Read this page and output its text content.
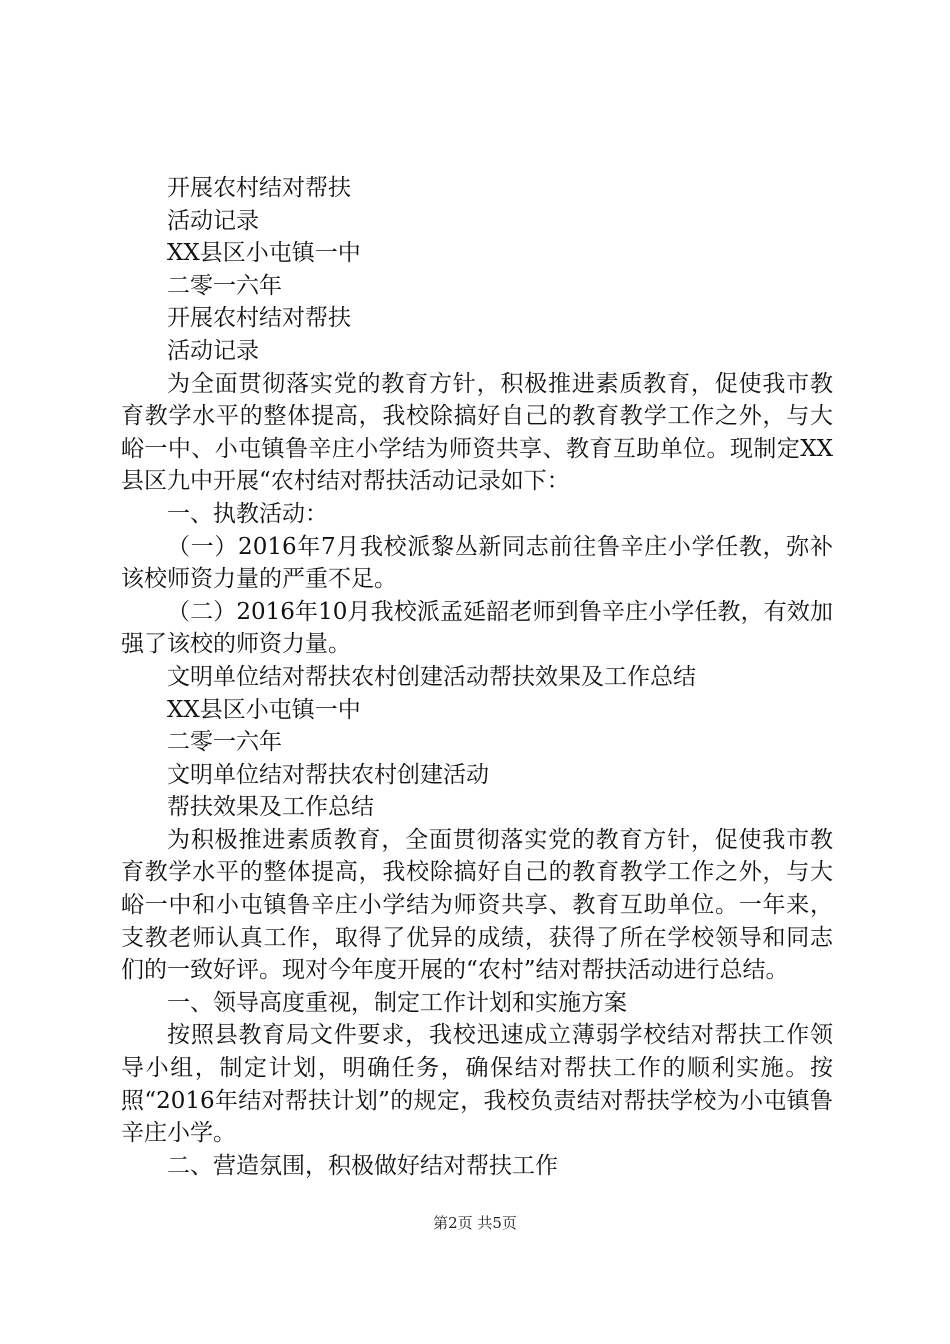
开展农村结对帮扶
活动记录
XX县区小屯镇一中
二零一六年
开展农村结对帮扶
活动记录

为全面贯彻落实党的教育方针，积极推进素质教育，促使我市教育教学水平的整体提高，我校除搞好自己的教育教学工作之外，与大峪一中、小屯镇鲁辛庄小学结为师资共享、教育互助单位。现制定XX县区九中开展“农村结对帮扶活动记录如下：

一、执教活动：

（一）2016年7月我校派黎丛新同志前往鲁辛庄小学任教，弥补该校师资力量的严重不足。

（二）2016年10月我校派孟延韶老师到鲁辛庄小学任教，有效加强了该校的师资力量。

文明单位结对帮扶农村创建活动帮扶效果及工作总结
XX县区小屯镇一中
二零一六年
文明单位结对帮扶农村创建活动
帮扶效果及工作总结

为积极推进素质教育，全面贯彻落实党的教育方针，促使我市教育教学水平的整体提高，我校除搞好自己的教育教学工作之外，与大峪一中和小屯镇鲁辛庄小学结为师资共享、教育互助单位。一年来，支教老师认真工作，取得了优异的成绩，获得了所在学校领导和同志们的一致好评。现对今年度开展的“农村”结对帮扶活动进行总结。

一、领导高度重视，制定工作计划和实施方案

按照县教育局文件要求，我校迅速成立薄弱学校结对帮扶工作领导小组，制定计划，明确任务，确保结对帮扶工作的顺利实施。按照“2016年结对帮扶计划”的规定，我校负责结对帮扶学校为小屯镇鲁辛庄小学。

二、营造氛围，积极做好结对帮扶工作
第2页 共5页
